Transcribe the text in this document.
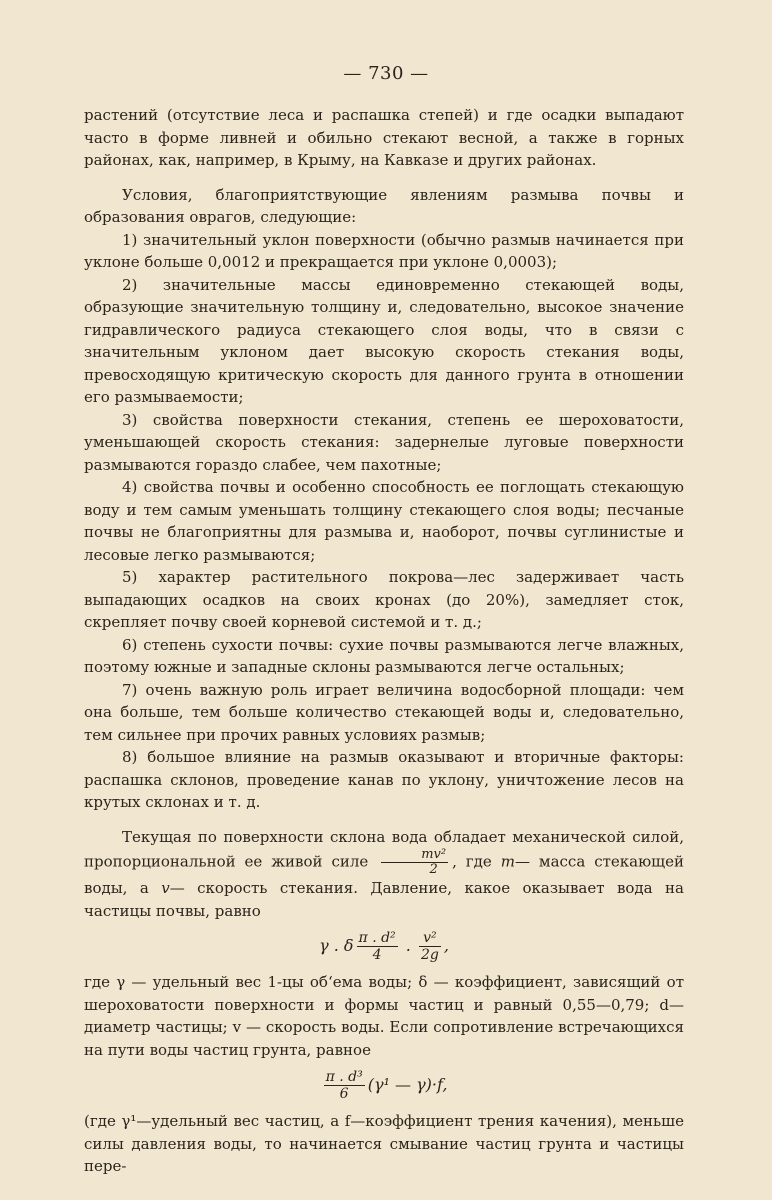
— 730 —

растений (отсутствие леса и распашка степей) и где осадки выпадают часто в форме ливней и обильно стекают весной, а также в горных районах, как, например, в Крыму, на Кавказе и других районах.

Условия, благоприятствующие явлениям размыва почвы и образования оврагов, следующие:

1) значительный уклон поверхности (обычно размыв начинается при уклоне больше 0,0012 и прекращается при уклоне 0,0003);

2) значительные массы единовременно стекающей воды, образующие значительную толщину и, следовательно, высокое значение гидравлического радиуса стекающего слоя воды, что в связи с значительным уклоном дает высокую скорость стекания воды, превосходящую критическую скорость для данного грунта в отношении его размываемости;

3) свойства поверхности стекания, степень ее шероховатости, уменьшающей скорость стекания: задернелые луговые поверхности размываются гораздо слабее, чем пахотные;

4) свойства почвы и особенно способность ее поглощать стекающую воду и тем самым уменьшать толщину стекающего слоя воды; песчаные почвы не благоприятны для размыва и, наоборот, почвы суглинистые и лесовые легко размываются;

5) характер растительного покрова—лес задерживает часть выпадающих осадков на своих кронах (до 20%), замедляет сток, скрепляет почву своей корневой системой и т. д.;

6) степень сухости почвы: сухие почвы размываются легче влажных, поэтому южные и западные склоны размываются легче остальных;

7) очень важную роль играет величина водосборной площади: чем она больше, тем больше количество стекающей воды и, следовательно, тем сильнее при прочих равных условиях размыв;

8) большое влияние на размыв оказывают и вторичные факторы: распашка склонов, проведение канав по уклону, уничтожение лесов на крутых склонах и т. д.

Текущая по поверхности склона вода обладает механической силой, пропорциональной ее живой силе $\frac{\text{mv²}}{2}$ , где m— масса стекающей воды, а v— скорость стекания. Давление, какое оказывает вода на частицы почвы, равно

γ . δ $\frac{\text{π . d²}}{4}$ . $\frac{\text{v²}}{2g}$ ,

где γ — удельный вес 1-цы об‘ема воды; δ — коэффициент, зависящий от шероховатости поверхности и формы частиц и равный 0,55—0,79; d—диаметр частицы; v — скорость воды. Если сопротивление встречающихся на пути воды частиц грунта, равное

$\frac{\text{π . d³}}{6} (\gamma^1$ — γ)·f,

(где γ¹—удельный вес частиц, а f—коэффициент трения качения), меньше силы давления воды, то начинается смывание частиц грунта и частицы пере-
